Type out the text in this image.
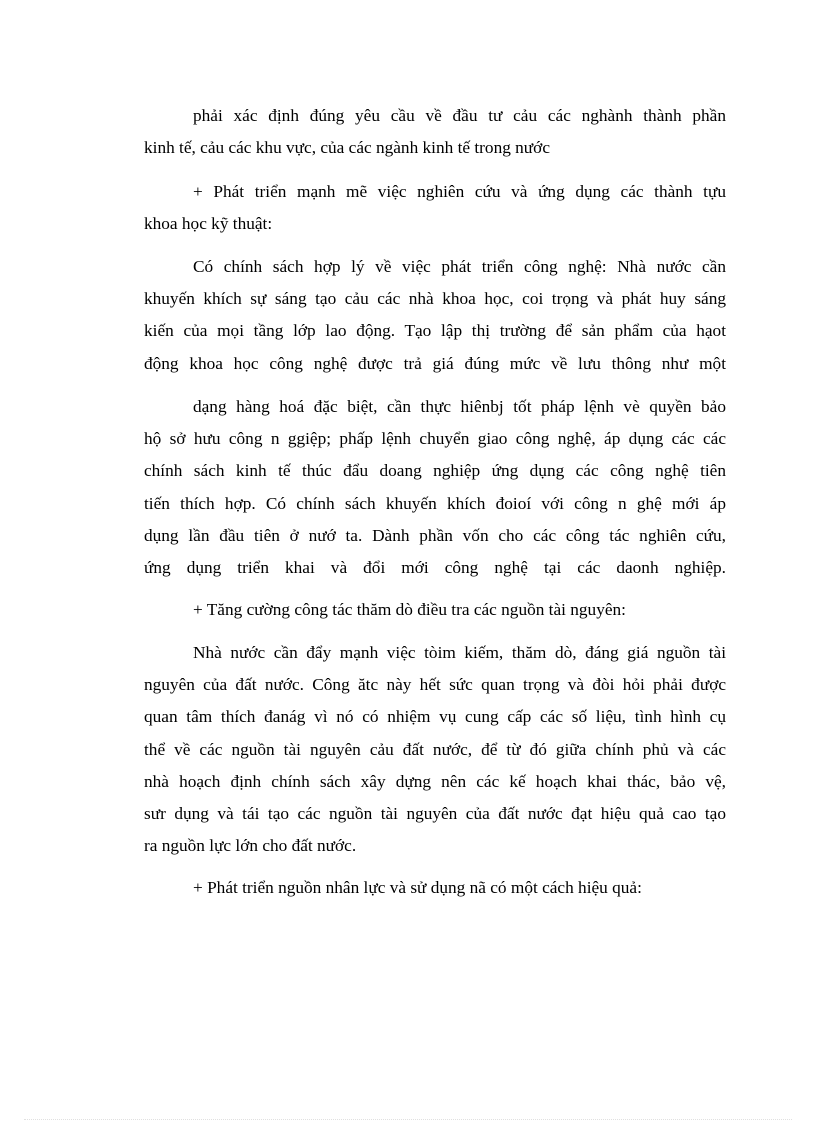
phải xác định đúng yêu cầu về đầu tư cảu các nghành thành phần
kinh tế, cảu các khu vực, của các ngành kinh tế trong nước
+ Phát triển mạnh mẽ việc nghiên cứu và ứng dụng các thành tựu
khoa học kỹ thuật:
Có chính sách hợp lý về việc phát triển công nghệ: Nhà nước cần
khuyến khích sự sáng tạo cảu các nhà khoa học, coi trọng và phát huy sáng
kiến của mọi tầng lớp lao động. Tạo lập thị trường để sản phẩm của hạot
động khoa học công nghệ được trả giá đúng mức về lưu thông như một
dạng hàng hoá đặc biệt, cần thực hiênbj tốt pháp lệnh vè quyền bảo
hộ sở hưu công n ggiệp; phấp lệnh chuyển giao công nghệ, áp dụng các các
chính sách kinh tế thúc đẩu doang nghiệp ứng dụng các công nghệ tiên
tiến thích hợp. Có chính sách khuyến khích đoioí với công n ghệ mới áp
dụng lần đầu tiên ở nướ ta. Dành phần vốn cho các công tác nghiên cứu,
ứng dụng triển khai và đổi mới công nghệ tại các daonh nghiệp.
+ Tăng cường công tác thăm dò điều tra các nguồn tài nguyên:
Nhà nước cần đẩy mạnh việc tòim kiếm, thăm dò, đáng giá nguồn tài
nguyên của đất nước. Công ătc này hết sức quan trọng và đòi hỏi phải được
quan tâm thích đanág vì nó có nhiệm vụ cung cấp các số liệu, tình hình cụ
thể về các nguồn tài nguyên cảu đất nước, để từ đó giữa chính phủ và các
nhà hoạch định chính sách xây dựng nên các kế hoạch khai thác, bảo vệ,
sưr dụng và tái tạo các nguồn tài nguyên của đất nước đạt hiệu quả cao tạo
ra nguồn lực lớn cho đất nước.
+ Phát triển nguồn nhân lực và sử dụng nã có một cách hiệu quả:
